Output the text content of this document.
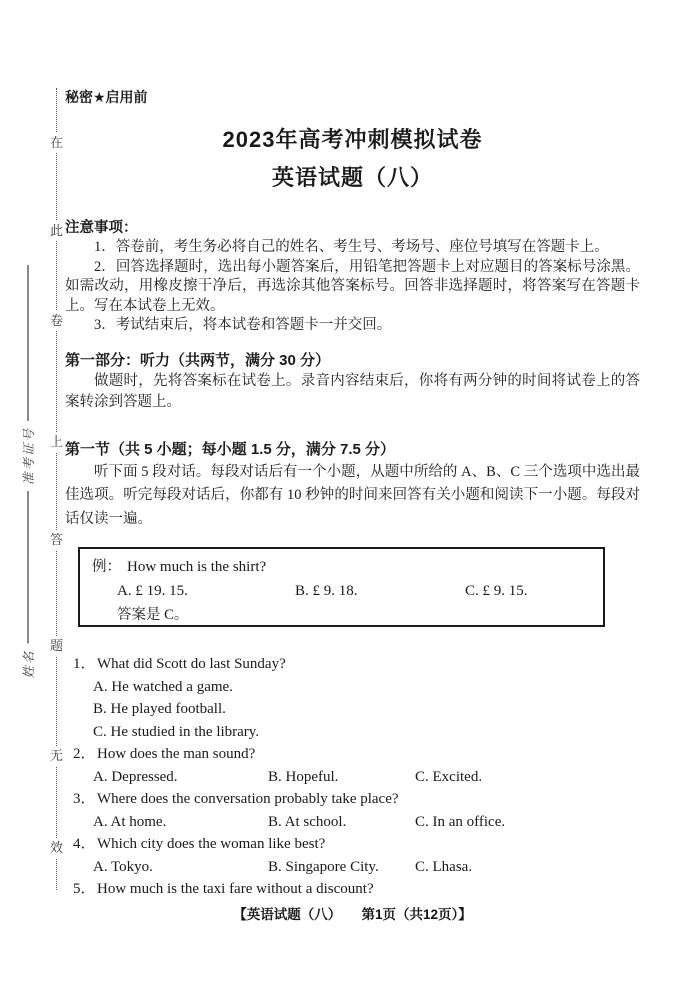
在
此
卷
上
答
题
无
效
准考证号
姓名
秘密★启用前
2023年高考冲刺模拟试卷
英语试题（八）
注意事项：

1．答卷前，考生务必将自己的姓名、考生号、考场号、座位号填写在答题卡上。

2．回答选择题时，选出每小题答案后，用铅笔把答题卡上对应题目的答案标号涂黑。如需改动，用橡皮擦干净后，再选涂其他答案标号。回答非选择题时，将答案写在答题卡上。写在本试卷上无效。

3．考试结束后，将本试卷和答题卡一并交回。

第一部分：听力（共两节，满分 30 分）

做题时，先将答案标在试卷上。录音内容结束后，你将有两分钟的时间将试卷上的答案转涂到答题上。

第一节（共 5 小题；每小题 1.5 分，满分 7.5 分）

听下面 5 段对话。每段对话后有一个小题，从题中所给的 A、B、C 三个选项中选出最佳选项。听完每段对话后，你都有 10 秒钟的时间来回答有关小题和阅读下一小题。每段对话仅读一遍。

例： How much is the shirt?
A. £ 19. 15.	B. £ 9. 18.	C. £ 9. 15.
答案是 C。
1． What did Scott do last Sunday?
A. He watched a game.
B. He played football.
C. He studied in the library.
2． How does the man sound?
A. Depressed.	B. Hopeful.	C. Excited.
3． Where does the conversation probably take place?
A. At home.	B. At school.	C. In an office.
4． Which city does the woman like best?
A. Tokyo.	B. Singapore City.	C. Lhasa.
5． How much is the taxi fare without a discount?
【英语试题（八）　　第1页（共12页）】
